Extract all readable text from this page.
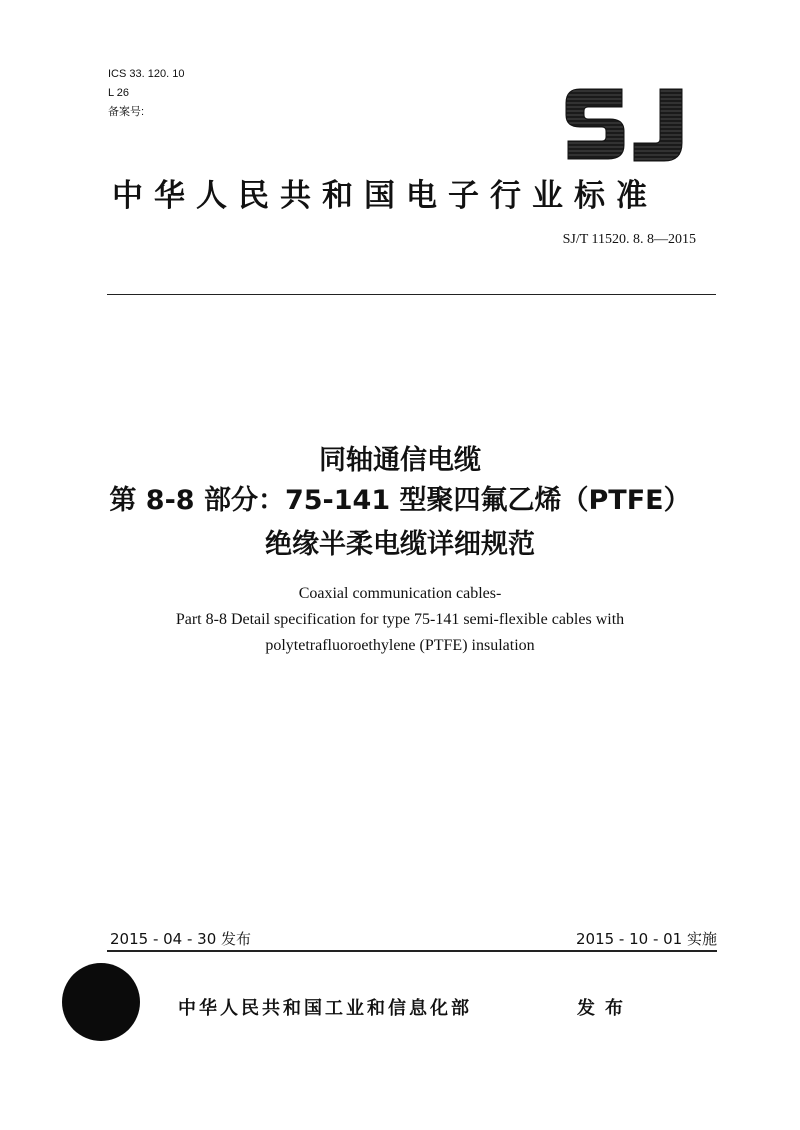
ICS 33. 120. 10
L 26
备案号:
中华人民共和国电子行业标准
SJ/T 11520. 8. 8—2015
同轴通信电缆
第 8-8 部分：75-141 型聚四氟乙烯（PTFE）
绝缘半柔电缆详细规范
Coaxial communication cables-
Part 8-8 Detail specification for type 75-141 semi-flexible cables with
polytetrafluoroethylene (PTFE) insulation
2015 - 04 - 30 发布	2015 - 10 - 01 实施
中华人民共和国工业和信息化部	发布
